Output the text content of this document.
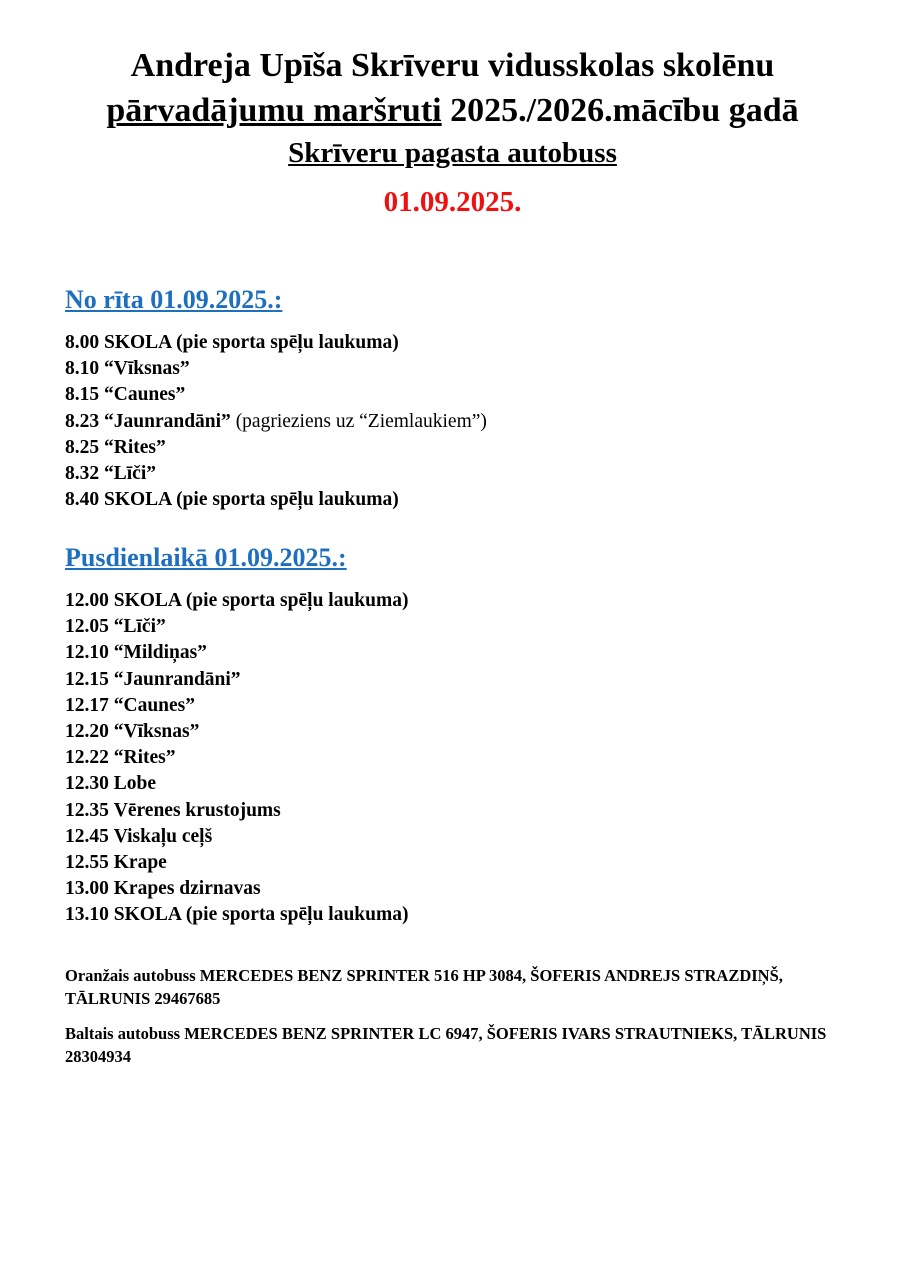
Andreja Upīša Skrīveru vidusskolas skolēnu
pārvadājumu maršruti 2025./2026.mācību gadā
Skrīveru pagasta autobuss
01.09.2025.
No rīta 01.09.2025.:
8.00 SKOLA (pie sporta spēļu laukuma)
8.10 “Vīksnas”
8.15 “Caunes”
8.23 “Jaunrandāni” (pagrieziens uz “Ziemlaukiem”)
8.25 “Rites”
8.32 “Līči”
8.40 SKOLA (pie sporta spēļu laukuma)
Pusdienlaikā 01.09.2025.:
12.00 SKOLA (pie sporta spēļu laukuma)
12.05 “Līči”
12.10 “Mildiņas”
12.15 “Jaunrandāni”
12.17 “Caunes”
12.20 “Vīksnas”
12.22 “Rites”
12.30 Lobe
12.35 Vērenes krustojums
12.45 Viskaļu ceļš
12.55 Krape
13.00 Krapes dzirnavas
13.10 SKOLA (pie sporta spēļu laukuma)

Oranžais autobuss MERCEDES BENZ SPRINTER 516 HP 3084, ŠOFERIS ANDREJS STRAZDIŅŠ, TĀLRUNIS 29467685

Baltais autobuss MERCEDES BENZ SPRINTER LC 6947, ŠOFERIS IVARS STRAUTNIEKS, TĀLRUNIS 28304934
